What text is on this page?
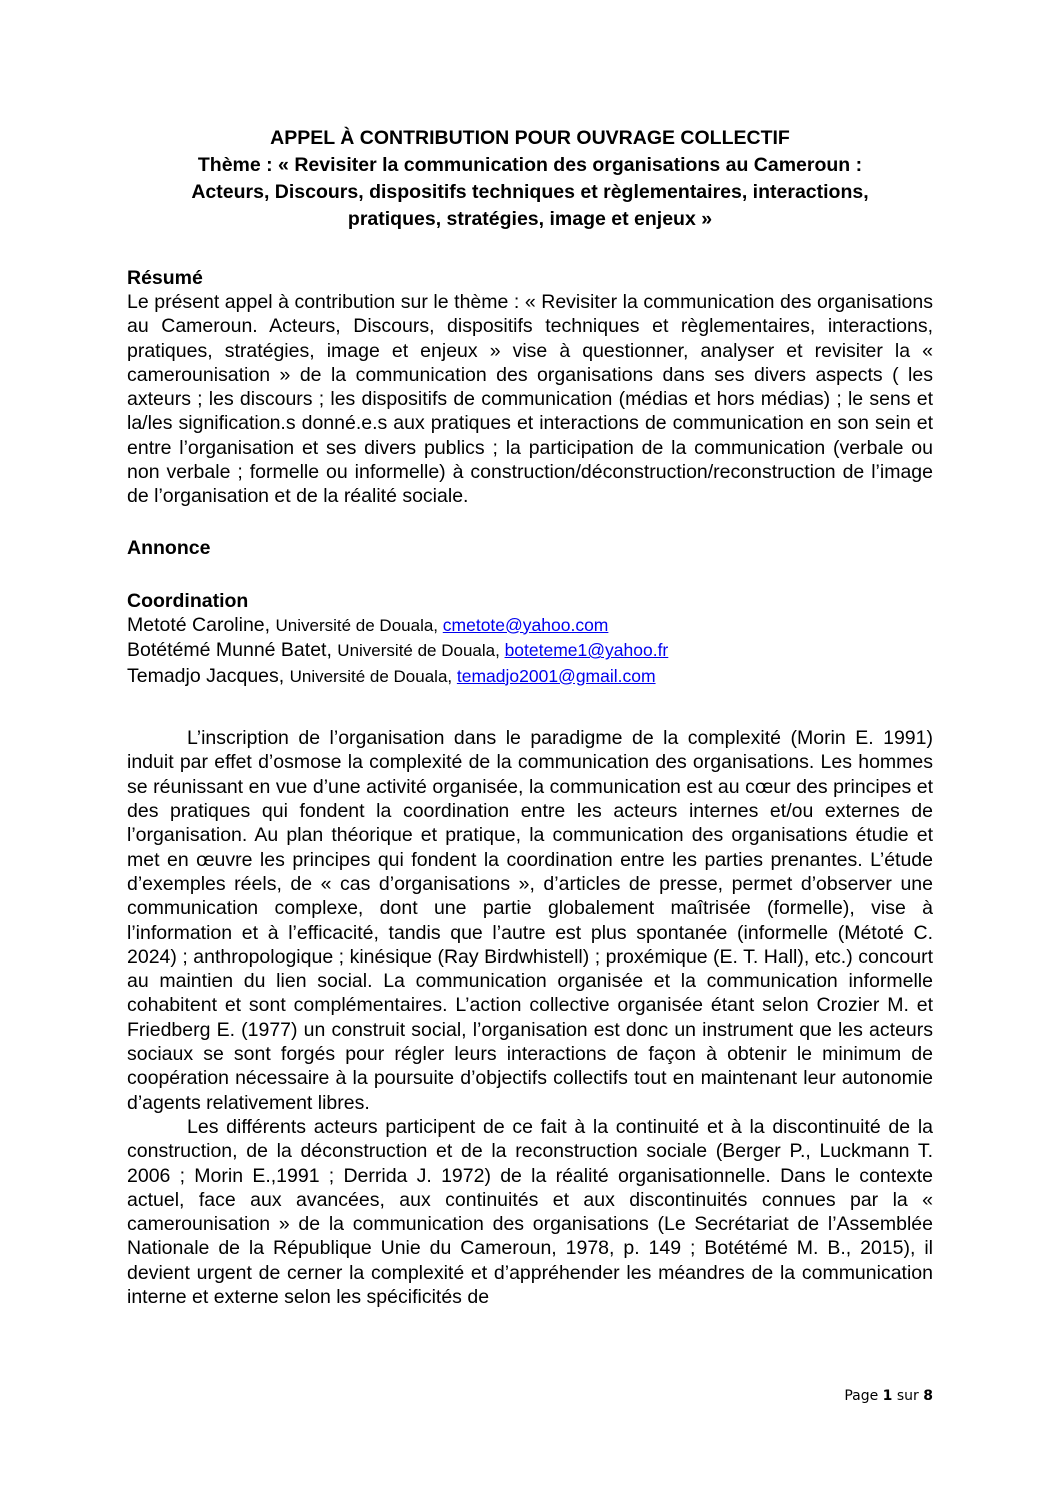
APPEL À CONTRIBUTION POUR OUVRAGE COLLECTIF
Thème : « Revisiter la communication des organisations au Cameroun :
Acteurs, Discours, dispositifs techniques et règlementaires, interactions,
pratiques, stratégies, image et enjeux »

Résumé

Le présent appel à contribution sur le thème : « Revisiter la communication des organisations au Cameroun. Acteurs, Discours, dispositifs techniques et règlementaires, interactions, pratiques, stratégies, image et enjeux » vise à questionner, analyser et revisiter la « camerounisation » de la communication des organisations dans ses divers aspects ( les axteurs ; les discours ; les dispositifs de communication (médias et hors médias) ; le sens et la/les signification.s donné.e.s aux pratiques et interactions de communication en son sein et entre l’organisation et ses divers publics ; la participation de la communication (verbale ou non verbale ; formelle ou informelle) à construction/déconstruction/reconstruction de l’image de l’organisation et de la réalité sociale.

Annonce

Coordination

Metoté Caroline, Université de Douala, cmetote@yahoo.com

Botétémé Munné Batet, Université de Douala, boteteme1@yahoo.fr

Temadjo Jacques, Université de Douala, temadjo2001@gmail.com

L’inscription de l’organisation dans le paradigme de la complexité (Morin E. 1991) induit par effet d’osmose la complexité de la communication des organisations. Les hommes se réunissant en vue d’une activité organisée, la communication est au cœur des principes et des pratiques qui fondent la coordination entre les acteurs internes et/ou externes de l’organisation. Au plan théorique et pratique, la communication des organisations étudie et met en œuvre les principes qui fondent la coordination entre les parties prenantes. L’étude d’exemples réels, de « cas d’organisations », d’articles de presse, permet d’observer une communication complexe, dont une partie globalement maîtrisée (formelle), vise à l’information et à l’efficacité, tandis que l’autre est plus spontanée (informelle (Métoté C. 2024) ; anthropologique ; kinésique (Ray Birdwhistell) ; proxémique (E. T. Hall), etc.) concourt au maintien du lien social. La communication organisée et la communication informelle cohabitent et sont complémentaires. L’action collective organisée étant selon Crozier M. et Friedberg E. (1977) un construit social, l’organisation est donc un instrument que les acteurs sociaux se sont forgés pour régler leurs interactions de façon à obtenir le minimum de coopération nécessaire à la poursuite d’objectifs collectifs tout en maintenant leur autonomie d’agents relativement libres.

Les différents acteurs participent de ce fait à la continuité et à la discontinuité de la construction, de la déconstruction et de la reconstruction sociale (Berger P., Luckmann T. 2006 ; Morin E.,1991 ; Derrida J. 1972) de la réalité organisationnelle. Dans le contexte actuel, face aux avancées, aux continuités et aux discontinuités connues par la « camerounisation » de la communication des organisations (Le Secrétariat de l’Assemblée Nationale de la République Unie du Cameroun, 1978, p. 149 ; Botétémé M. B., 2015), il devient urgent de cerner la complexité et d’appréhender les méandres de la communication interne et externe selon les spécificités de

Page 1 sur 8
